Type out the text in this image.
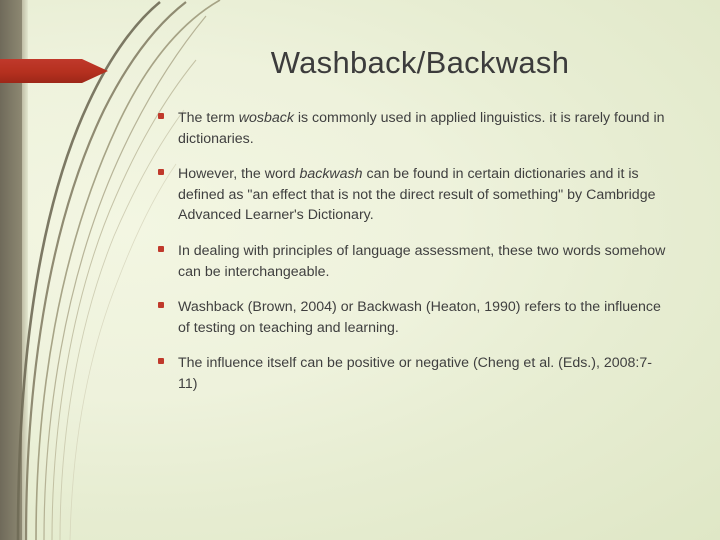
Washback/Backwash
The term wosback is commonly used in applied linguistics. it is rarely found in dictionaries.
However, the word backwash can be found in certain dictionaries and it is defined as "an effect that is not the direct result of something" by Cambridge Advanced Learner's Dictionary.
In dealing with principles of language assessment, these two words somehow can be interchangeable.
Washback (Brown, 2004) or Backwash (Heaton, 1990) refers to the influence of testing on teaching and learning.
The influence itself can be positive or negative (Cheng et al. (Eds.), 2008:7-11)
